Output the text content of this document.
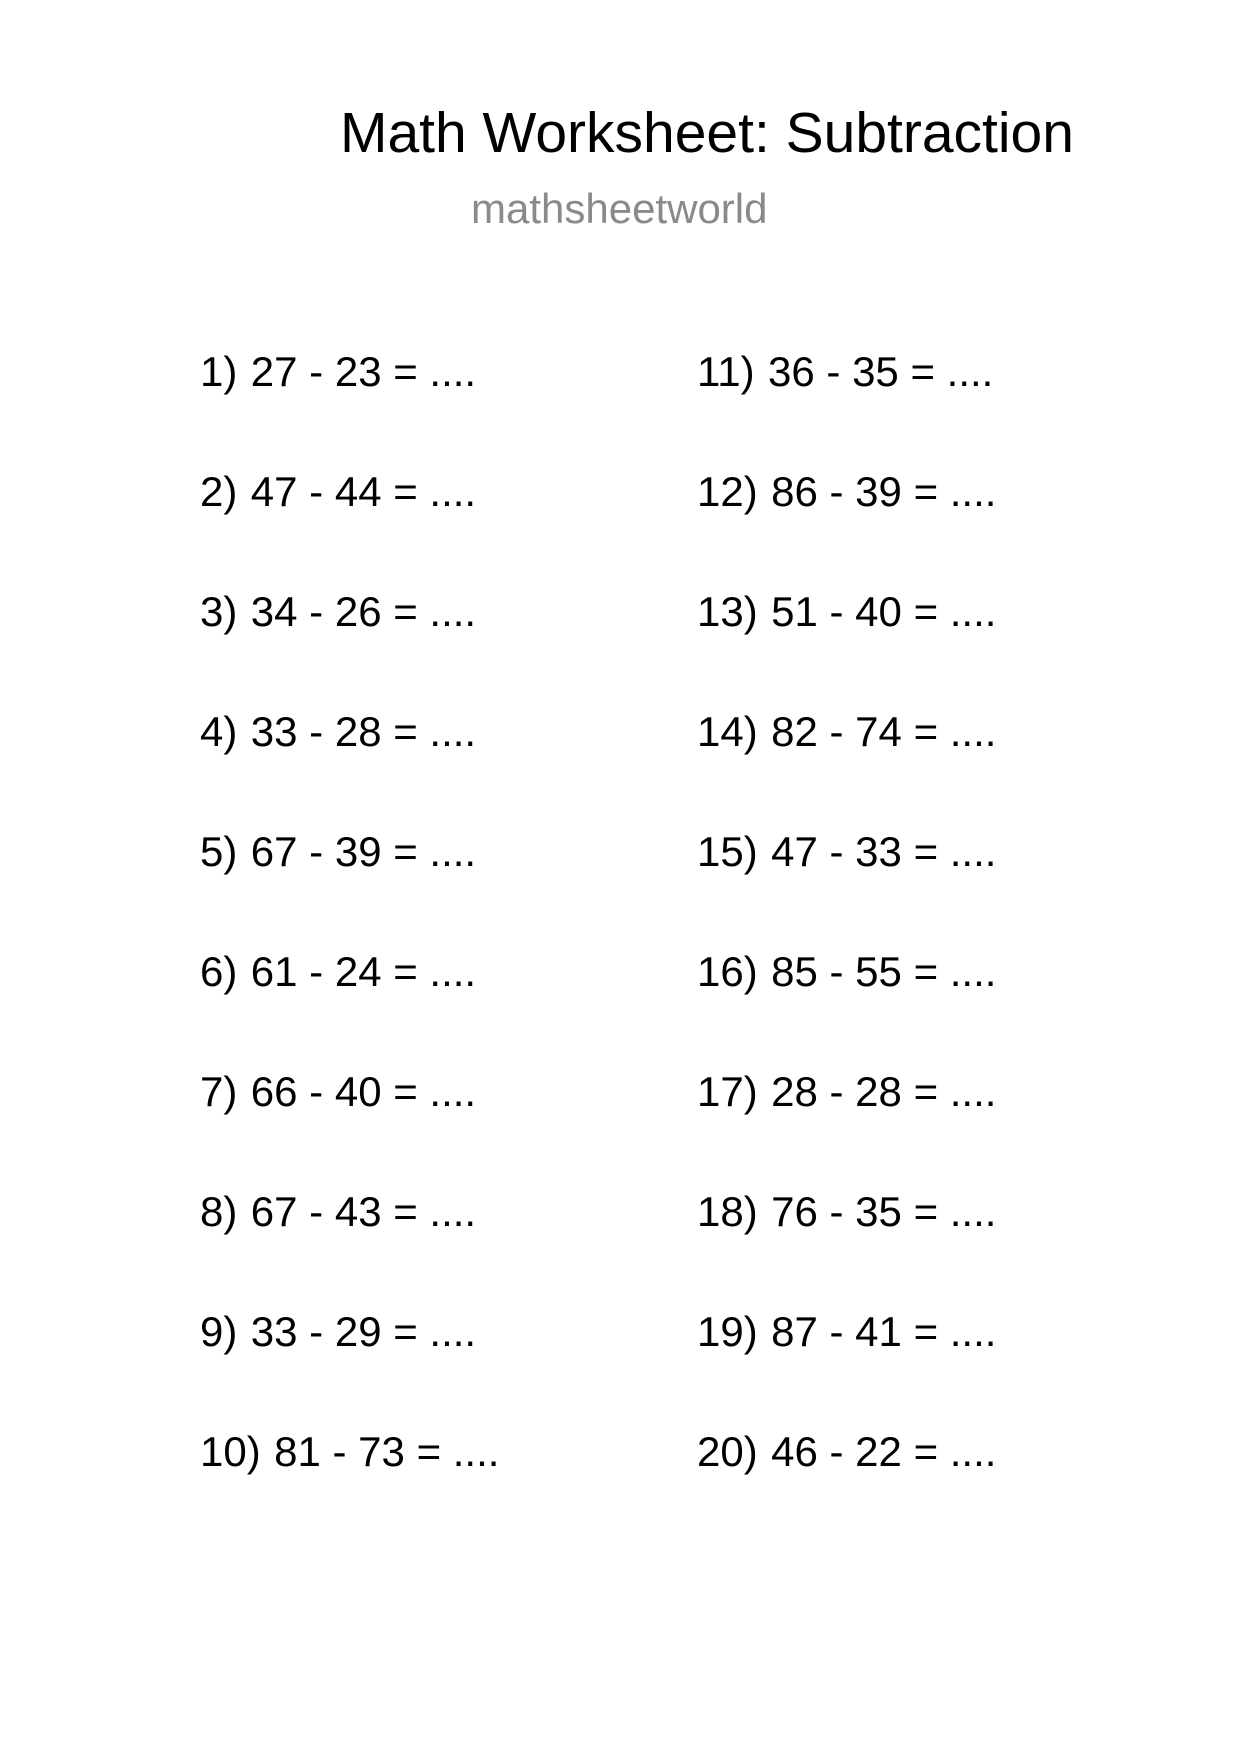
Math Worksheet: Subtraction
mathsheetworld
1) 27 - 23 = ....
2) 47 - 44 = ....
3) 34 - 26 = ....
4) 33 - 28 = ....
5) 67 - 39 = ....
6) 61 - 24 = ....
7) 66 - 40 = ....
8) 67 - 43 = ....
9) 33 - 29 = ....
10) 81 - 73 = ....
11) 36 - 35 = ....
12) 86 - 39 = ....
13) 51 - 40 = ....
14) 82 - 74 = ....
15) 47 - 33 = ....
16) 85 - 55 = ....
17) 28 - 28 = ....
18) 76 - 35 = ....
19) 87 - 41 = ....
20) 46 - 22 = ....
